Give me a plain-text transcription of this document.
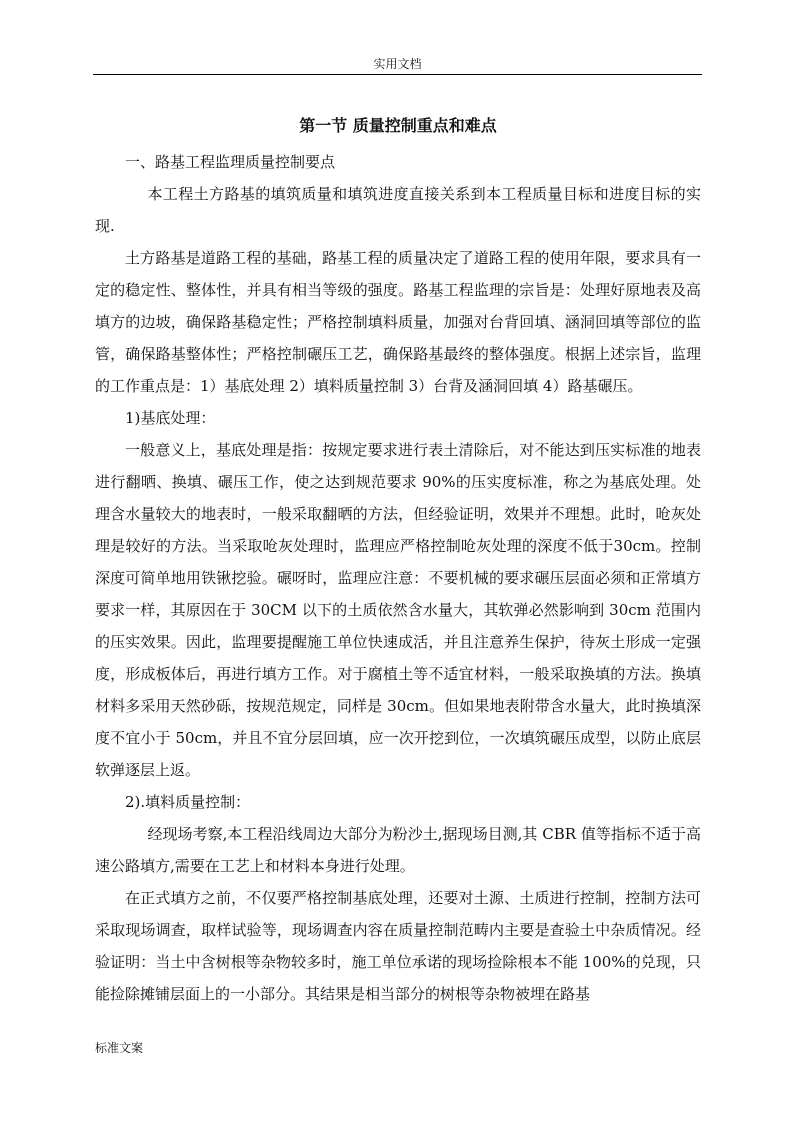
实用文档

第一节 质量控制重点和难点

一、路基工程监理质量控制要点

本工程土方路基的填筑质量和填筑进度直接关系到本工程质量目标和进度目标的实现.

土方路基是道路工程的基础，路基工程的质量决定了道路工程的使用年限，要求具有一定的稳定性、整体性，并具有相当等级的强度。路基工程监理的宗旨是：处理好原地表及高填方的边坡，确保路基稳定性；严格控制填料质量，加强对台背回填、涵洞回填等部位的监管，确保路基整体性；严格控制碾压工艺，确保路基最终的整体强度。根据上述宗旨，监理的工作重点是：1）基底处理 2）填料质量控制 3）台背及涵洞回填 4）路基碾压。

1)基底处理：

一般意义上，基底处理是指：按规定要求进行表土清除后，对不能达到压实标准的地表进行翻晒、换填、碾压工作，使之达到规范要求 90%的压实度标准，称之为基底处理。处理含水量较大的地表时，一般采取翻晒的方法，但经验证明，效果并不理想。此时，呛灰处理是较好的方法。当采取呛灰处理时，监理应严格控制呛灰处理的深度不低于30cm。控制深度可简单地用铁锹挖验。碾呀时，监理应注意：不要机械的要求碾压层面必须和正常填方要求一样，其原因在于 30CM 以下的土质依然含水量大，其软弹必然影响到 30cm 范围内的压实效果。因此，监理要提醒施工单位快速成活，并且注意养生保护，待灰土形成一定强度，形成板体后，再进行填方工作。对于腐植土等不适宜材料，一般采取换填的方法。换填材料多采用天然砂砾，按规范规定，同样是 30cm。但如果地表附带含水量大，此时换填深度不宜小于 50cm，并且不宜分层回填，应一次开挖到位，一次填筑碾压成型，以防止底层软弹逐层上返。

2).填料质量控制：

经现场考察,本工程沿线周边大部分为粉沙土,据现场目测,其 CBR 值等指标不适于高速公路填方,需要在工艺上和材料本身进行处理。

在正式填方之前，不仅要严格控制基底处理，还要对土源、土质进行控制，控制方法可采取现场调查，取样试验等，现场调查内容在质量控制范畴内主要是查验土中杂质情况。经验证明：当土中含树根等杂物较多时，施工单位承诺的现场捡除根本不能 100%的兑现，只能捡除摊铺层面上的一小部分。其结果是相当部分的树根等杂物被埋在路基

标准文案
